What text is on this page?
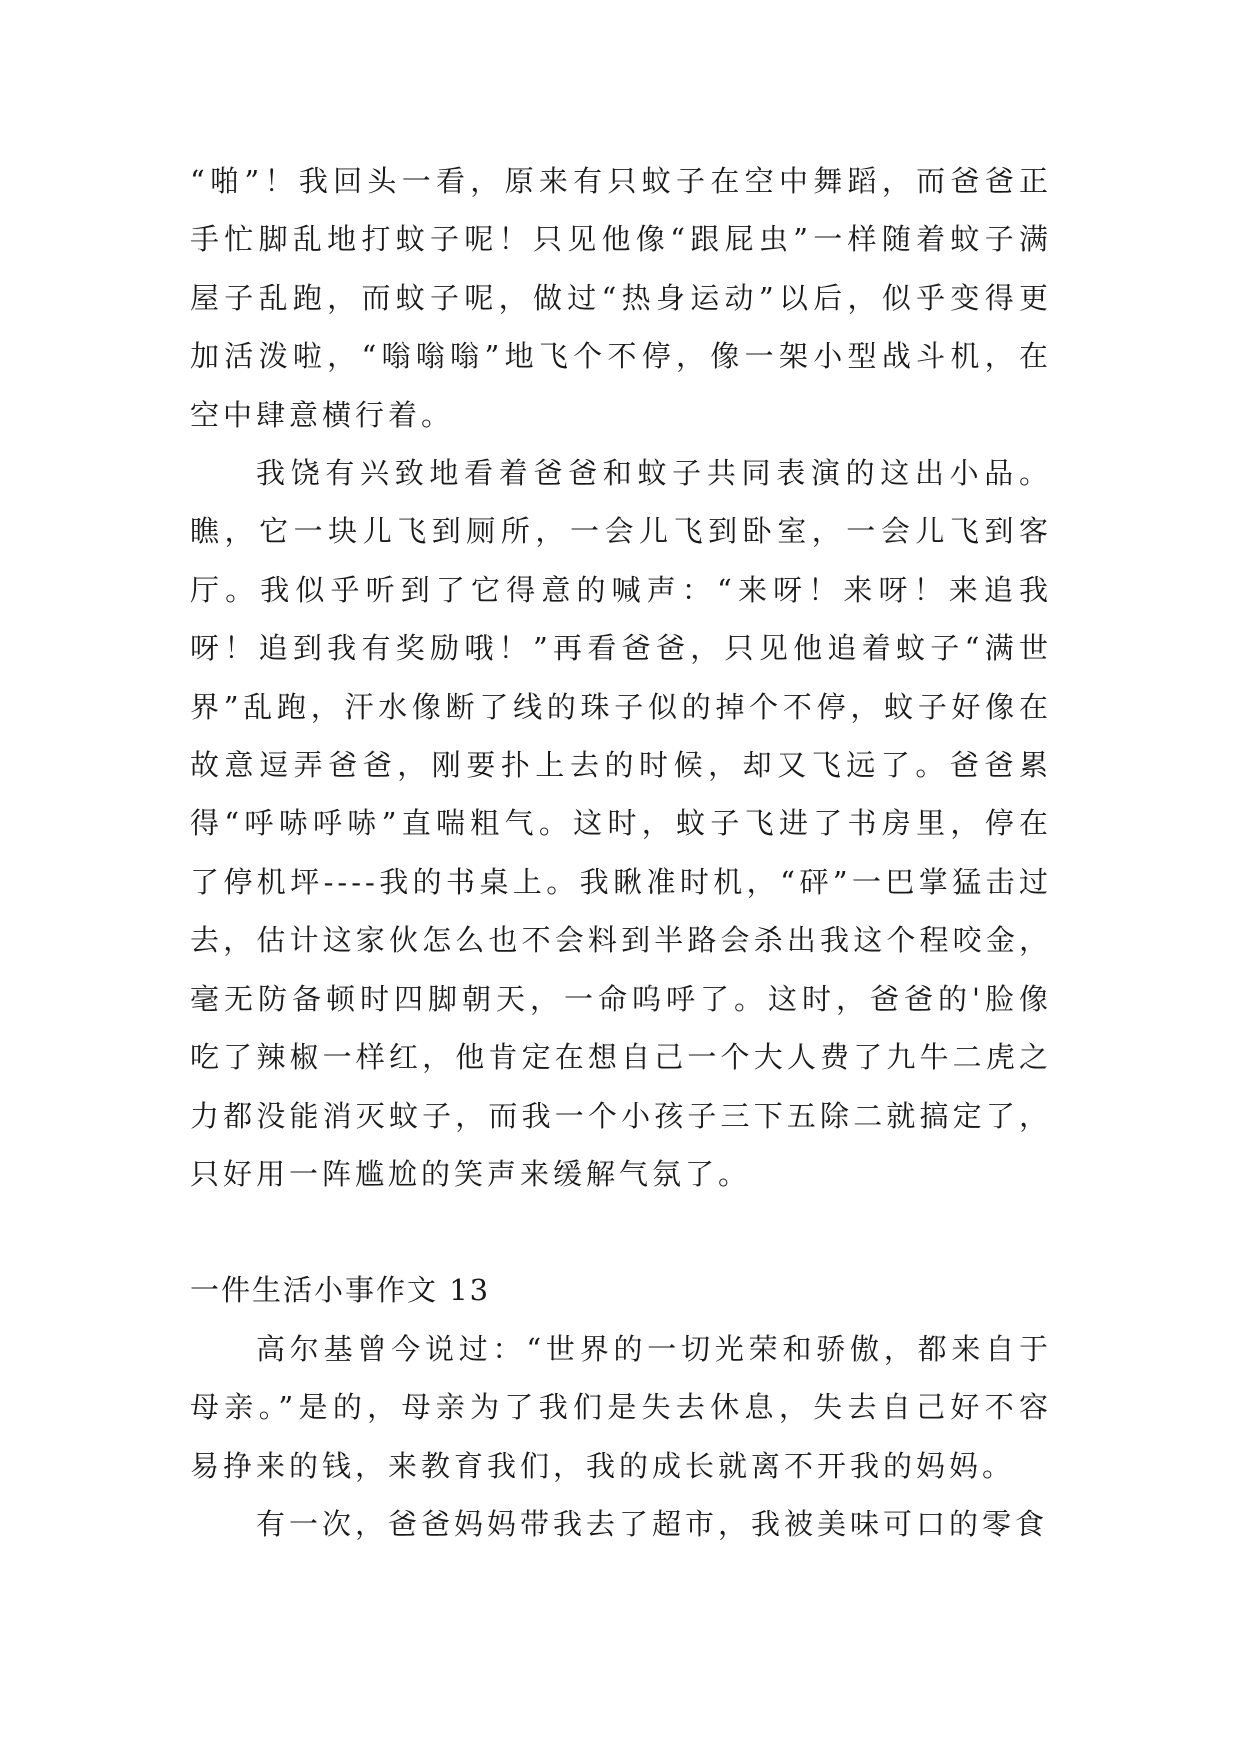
“啪”！我回头一看，原来有只蚊子在空中舞蹈，而爸爸正手忙脚乱地打蚊子呢！只见他像“跟屁虫”一样随着蚊子满屋子乱跑，而蚊子呢，做过“热身运动”以后，似乎变得更加活泼啦，“嗡嗡嗡”地飞个不停，像一架小型战斗机，在空中肆意横行着。

我饶有兴致地看着爸爸和蚊子共同表演的这出小品。瞧，它一块儿飞到厕所，一会儿飞到卧室，一会儿飞到客厅。我似乎听到了它得意的喊声：“来呀！来呀！来追我呀！追到我有奖励哦！”再看爸爸，只见他追着蚊子“满世界”乱跑，汗水像断了线的珠子似的掉个不停，蚊子好像在故意逗弄爸爸，刚要扑上去的时候，却又飞远了。爸爸累得“呼哧呼哧”直喘粗气。这时，蚊子飞进了书房里，停在了停机坪----我的书桌上。我瞅准时机，“砰”一巴掌猛击过去，估计这家伙怎么也不会料到半路会杀出我这个程咬金，毫无防备顿时四脚朝天，一命呜呼了。这时，爸爸的'脸像吃了辣椒一样红，他肯定在想自己一个大人费了九牛二虎之力都没能消灭蚊子，而我一个小孩子三下五除二就搞定了，只好用一阵尴尬的笑声来缓解气氛了。

一件生活小事作文 13

高尔基曾今说过：“世界的一切光荣和骄傲，都来自于母亲。”是的，母亲为了我们是失去休息，失去自己好不容易挣来的钱，来教育我们，我的成长就离不开我的妈妈。

有一次，爸爸妈妈带我去了超市，我被美味可口的零食
